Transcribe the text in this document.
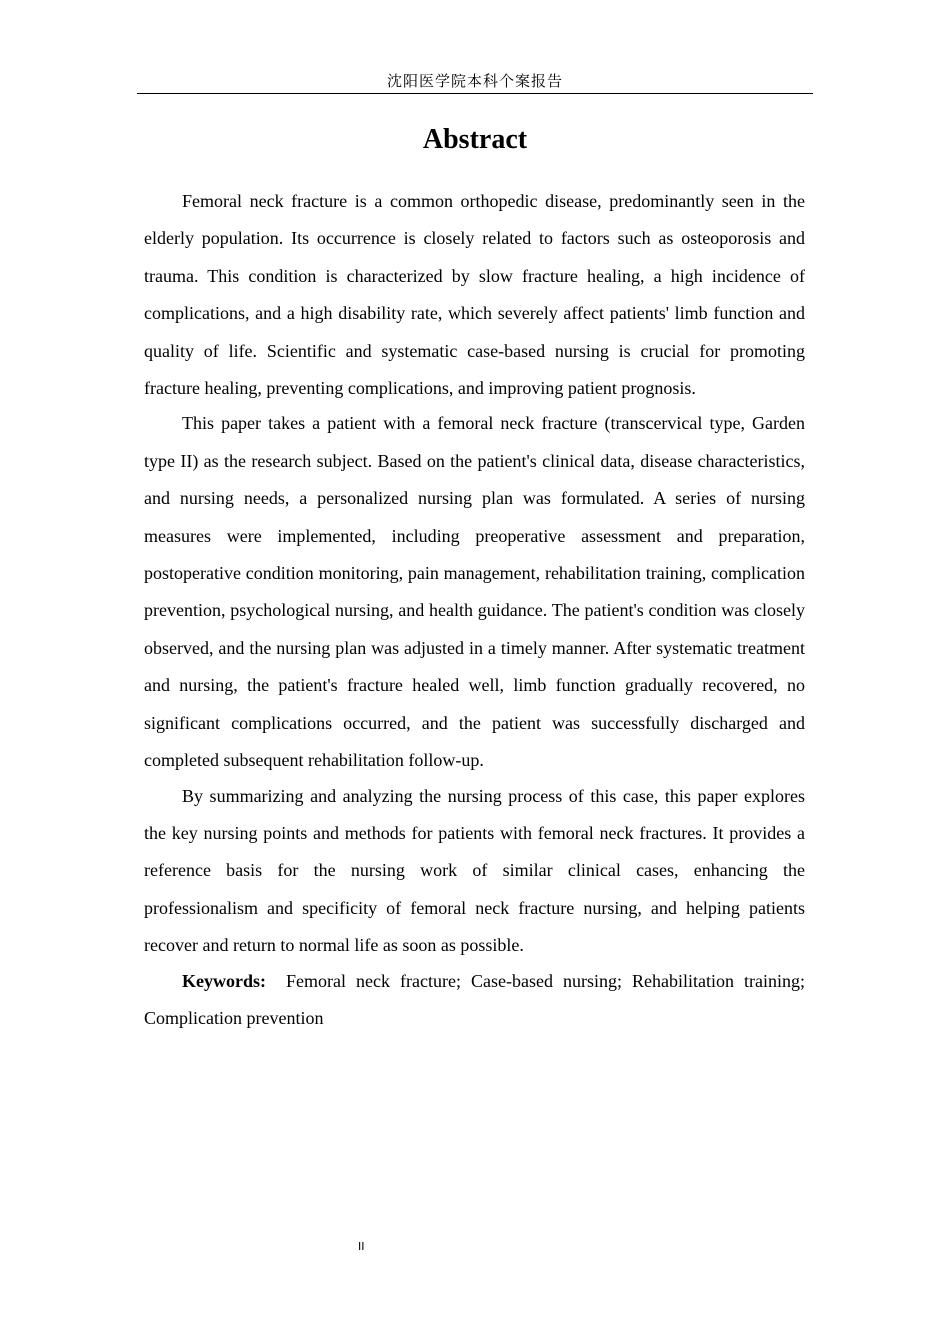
沈阳医学院本科个案报告
Abstract

Femoral neck fracture is a common orthopedic disease, predominantly seen in the elderly population. Its occurrence is closely related to factors such as osteoporosis and trauma. This condition is characterized by slow fracture healing, a high incidence of complications, and a high disability rate, which severely affect patients' limb function and quality of life. Scientific and systematic case-based nursing is crucial for promoting fracture healing, preventing complications, and improving patient prognosis.

This paper takes a patient with a femoral neck fracture (transcervical type, Garden type II) as the research subject. Based on the patient's clinical data, disease characteristics, and nursing needs, a personalized nursing plan was formulated. A series of nursing measures were implemented, including preoperative assessment and preparation, postoperative condition monitoring, pain management, rehabilitation training, complication prevention, psychological nursing, and health guidance. The patient's condition was closely observed, and the nursing plan was adjusted in a timely manner. After systematic treatment and nursing, the patient's fracture healed well, limb function gradually recovered, no significant complications occurred, and the patient was successfully discharged and completed subsequent rehabilitation follow-up.

By summarizing and analyzing the nursing process of this case, this paper explores the key nursing points and methods for patients with femoral neck fractures. It provides a reference basis for the nursing work of similar clinical cases, enhancing the professionalism and specificity of femoral neck fracture nursing, and helping patients recover and return to normal life as soon as possible.

Keywords: Femoral neck fracture; Case-based nursing; Rehabilitation training; Complication prevention

II
